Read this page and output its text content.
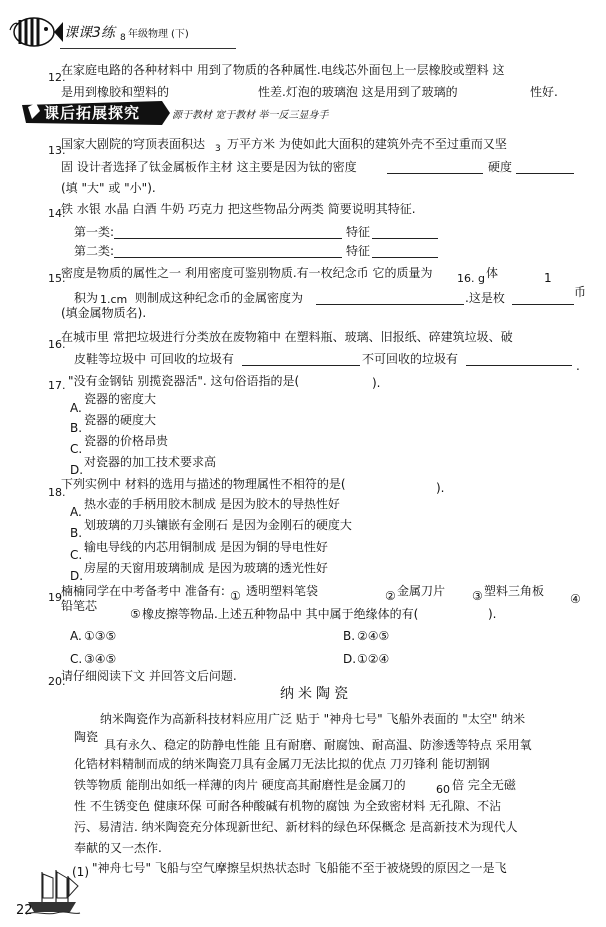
课课3练 8 年级物理 (下)
12.
在家庭电路的各种材料中 用到了物质的各种属性.电线芯外面包上一层橡胶或塑料 这
是用到橡胶和塑料的	性差.灯泡的玻璃泡 这是用到了玻璃的	性好.
课后拓展探究	源于教材 宽于教材 举一反三显身手
13.
国家大剧院的穹顶表面积达 3 万平方米 为使如此大面积的建筑外壳不至过重而又坚
固 设计者选择了钛金属板作主材 这主要是因为钛的密度	硬度
(填 "大" 或 "小").
14.
铁 水银 水晶 白酒 牛奶 巧克力 把这些物品分两类 简要说明其特征.
第一类:	特征
第二类:	特征
15.
密度是物质的属性之一 利用密度可鉴别物质.有一枚纪念币 它的质量为 16. g 体	1
币
积为 1.cm 则制成这种纪念币的金属密度为	.这是枚
(填金属物质名).
16.
在城市里 常把垃圾进行分类放在废物箱中 在塑料瓶、玻璃、旧报纸、碎建筑垃圾、破
皮鞋等垃圾中 可回收的垃圾有	不可回收的垃圾有	.
17. "没有金钢钻 别揽瓷器活". 这句俗语指的是(	).
A.
瓷器的密度大
B.
瓷器的硬度大
C.
瓷器的价格昂贵
D.
对瓷器的加工技术要求高
18.
下列实例中 材料的选用与描述的物理属性不相符的是(	).
A.
热水壶的手柄用胶木制成 是因为胶木的导热性好
B.
划玻璃的刀头镶嵌有金刚石 是因为金刚石的硬度大
C.
输电导线的内芯用铜制成 是因为铜的导电性好
D.
房屋的天窗用玻璃制成 是因为玻璃的透光性好
19.
楠楠同学在中考备考中 准备有: ① 透明塑料笔袋	② 金属刀片 ③ 塑料三角板
④
铅笔芯
⑤ 橡皮擦等物品.上述五种物品中 其中属于绝缘体的有(	).
A. ①③⑤	B. ②④⑤
C. ③④⑤	D. ①②④
20.
请仔细阅读下文 并回答文后问题.
纳米陶瓷
纳米陶瓷作为高新科技材料应用广泛 贴于 "神舟七号" 飞船外表面的 "太空" 纳米
陶瓷
具有永久、稳定的防静电性能 且有耐磨、耐腐蚀、耐高温、防渗透等特点 采用氧
化锆材料精制而成的纳米陶瓷刀具有金属刀无法比拟的优点 刀刃锋利 能切割钢
铁等物质 能削出如纸一样薄的肉片 硬度高其耐磨性是金属刀的	60 倍 完全无磁
性 不生锈变色 健康环保 可耐各种酸碱有机物的腐蚀 为全致密材料 无孔隙、不沾
污、易清洁. 纳米陶瓷充分体现新世纪、新材料的绿色环保概念 是高新技术为现代人
奉献的又一杰作.
(1) "神舟七号" 飞船与空气摩擦呈炽热状态时 飞船能不至于被烧毁的原因之一是飞
22
